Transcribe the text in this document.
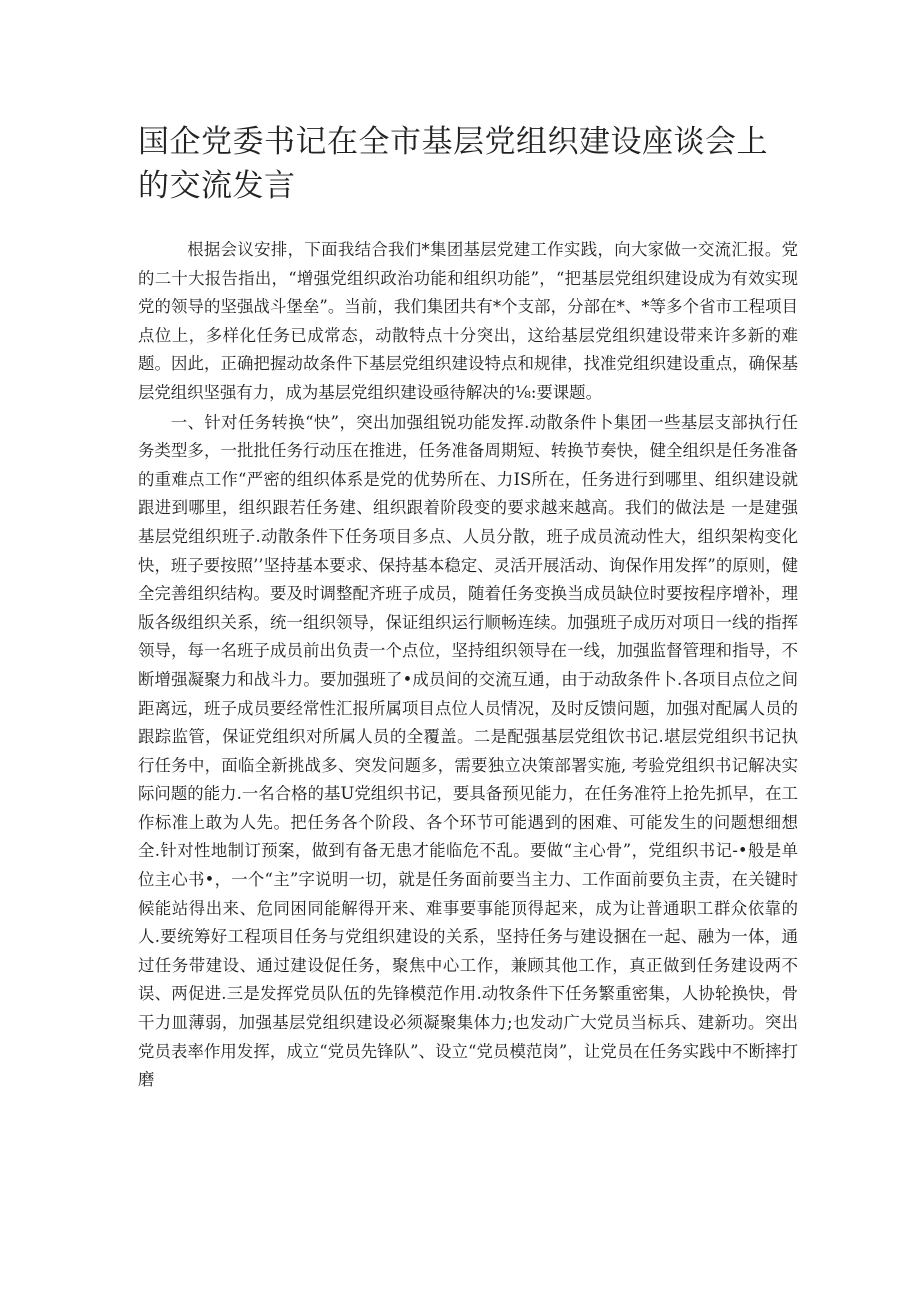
国企党委书记在全市基层党组织建设座谈会上的交流发言

根据会议安排，下面我结合我们*集团基层党建工作实践，向大家做一交流汇报。党的二十大报告指出，“增强党组织政治功能和组织功能”，“把基层党组织建设成为有效实现党的领导的坚强战斗堡垒”。当前，我们集团共有*个支部，分部在*、*等多个省市工程项目点位上，多样化任务已成常态，动散特点十分突出，这给基层党组织建设带来许多新的难题。因此，正确把握动故条件下基层党组织建设特点和规律，找准党组织建设重点，确保基层党组织坚强有力，成为基层党组织建设亟待解决的⅛:要课题。

一、针对任务转换“快”，突出加强组锐功能发挥.动散条件卜集团一些基层支部执行任务类型多，一批批任务行动压在推进，任务准备周期短、转换节奏快，健全组织是任务准备的重难点工作“严密的组织体系是党的优势所在、力IS所在，任务进行到哪里、组织建设就跟进到哪里，组织跟若任务建、组织跟着阶段变的要求越来越高。我们的做法是 一是建强基层党组织班子.动散条件下任务项目多点、人员分散，班子成员流动性大，组织架构变化快，班子要按照’’坚持基本要求、保持基本稳定、灵活开展活动、询保作用发挥”的原则，健全完善组织结构。要及时调整配齐班子成员，随着任务变换当成员缺位时要按程序增补，理版各级组织关系，统一组织领导，保证组织运行顺畅连续。加强班子成历对项日一线的指挥领导，每一名班子成员前出负责一个点位，坚持组织领导在一线，加强监督管理和指导，不断增强凝聚力和战斗力。要加强班了•成员间的交流互通，由于动敌条件卜.各项目点位之间距离远，班子成员要经常性汇报所属项目点位人员情况，及时反馈问题，加强对配属人员的跟踪监管，保证党组织对所属人员的全覆盖。二是配强基层党组饮书记.堪层党组织书记执行任务中，面临全新挑战多、突发问题多，需要独立决策部署实施, 考验党组织书记解决实际问题的能力.一名合格的基U党组织书记，要具备预见能力，在任务准符上抢先抓早，在工作标准上敢为人先。把任务各个阶段、各个环节可能遇到的困难、可能发生的问题想细想全.针对性地制订预案，做到有备无患才能临危不乱。要做“主心骨”，党组织书记-•般是单位主心书•，一个“主”字说明一切，就是任务面前要当主力、工作面前要负主责，在关键时候能站得出来、危同困同能解得开来、难事要事能顶得起来，成为让普通职工群众依靠的人.要统筹好工程项目任务与党组织建设的关系，坚持任务与建设捆在一起、融为一体，通过任务带建设、通过建设促任务，聚焦中心工作，兼顾其他工作，真正做到任务建设两不误、两促进.三是发挥党员队伍的先锋模范作用.动牧条件下任务繁重密集，人协轮换快，骨干力皿薄弱，加强基层党组织建设必须凝聚集体力;也发动广大党员当标兵、建新功。突出党员表率作用发挥，成立“党员先锋队”、设立“党员模范岗”，让党员在任务实践中不断摔打磨
